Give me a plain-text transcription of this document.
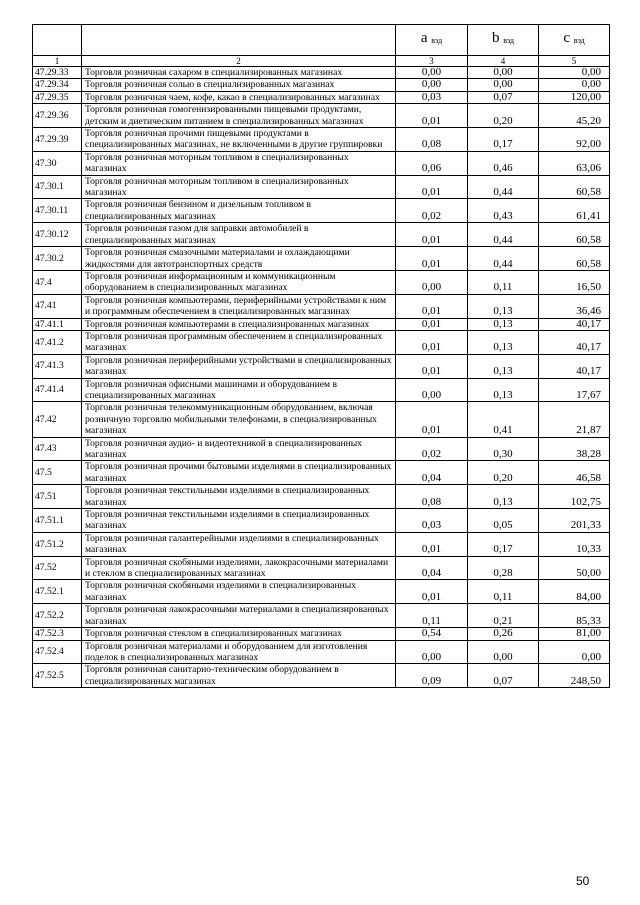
		a $_{вэд}$	b $_{вэд}$	c $_{вэд}$
1	2	3	4	5
47.29.33	Торговля розничная сахаром в специализированных магазинах	0,00	0,00	0,00
47.29.34	Торговля розничная солью в специализированных магазинах	0,00	0,00	0,00
47.29.35	Торговля розничная чаем, кофе, какао в специализированных магазинах	0,03	0,07	120,00
47.29.36	Торговля розничная гомогенизированными пищевыми продуктами, детским и диетическим питанием в специализированных магазинах	0,01	0,20	45,20
47.29.39	Торговля розничная прочими пищевыми продуктами в специализированных магазинах, не включенными в другие группировки	0,08	0,17	92,00
47.30	Торговля розничная моторным топливом в специализированных магазинах	0,06	0,46	63,06
47.30.1	Торговля розничная моторным топливом в специализированных магазинах	0,01	0,44	60,58
47.30.11	Торговля розничная бензином и дизельным топливом в специализированных магазинах	0,02	0,43	61,41
47.30.12	Торговля розничная газом для заправки автомобилей в специализированных магазинах	0,01	0,44	60,58
47.30.2	Торговля розничная смазочными материалами и охлаждающими жидкостями для автотранспортных средств	0,01	0,44	60,58
47.4	Торговля розничная информационным и коммуникационным оборудованием в специализированных магазинах	0,00	0,11	16,50
47.41	Торговля розничная компьютерами, периферийными устройствами к ним и программным обеспечением в специализированных магазинах	0,01	0,13	36,46
47.41.1	Торговля розничная компьютерами в специализированных магазинах	0,01	0,13	40,17
47.41.2	Торговля розничная программным обеспечением в специализированных магазинах	0,01	0,13	40,17
47.41.3	Торговля розничная периферийными устройствами в специализированных магазинах	0,01	0,13	40,17
47.41.4	Торговля розничная офисными машинами и оборудованием в специализированных магазинах	0,00	0,13	17,67
47.42	Торговля розничная телекоммуникационным оборудованием, включая розничную торговлю мобильными телефонами, в специализированных магазинах	0,01	0,41	21,87
47.43	Торговля розничная аудио- и видеотехникой в специализированных магазинах	0,02	0,30	38,28
47.5	Торговля розничная прочими бытовыми изделиями в специализированных магазинах	0,04	0,20	46,58
47.51	Торговля розничная текстильными изделиями в специализированных магазинах	0,08	0,13	102,75
47.51.1	Торговля розничная текстильными изделиями в специализированных магазинах	0,03	0,05	201,33
47.51.2	Торговля розничная галантерейными изделиями в специализированных магазинах	0,01	0,17	10,33
47.52	Торговля розничная скобяными изделиями, лакокрасочными материалами и стеклом в специализированных магазинах	0,04	0,28	50,00
47.52.1	Торговля розничная скобяными изделиями в специализированных магазинах	0,01	0,11	84,00
47.52.2	Торговля розничная лакокрасочными материалами в специализированных магазинах	0,11	0,21	85,33
47.52.3	Торговля розничная стеклом в специализированных магазинах	0,54	0,26	81,00
47.52.4	Торговля розничная материалами и оборудованием для изготовления поделок в специализированных магазинах	0,00	0,00	0,00
47.52.5	Торговля розничная санитарно-техническим оборудованием в специализированных магазинах	0,09	0,07	248,50
50
